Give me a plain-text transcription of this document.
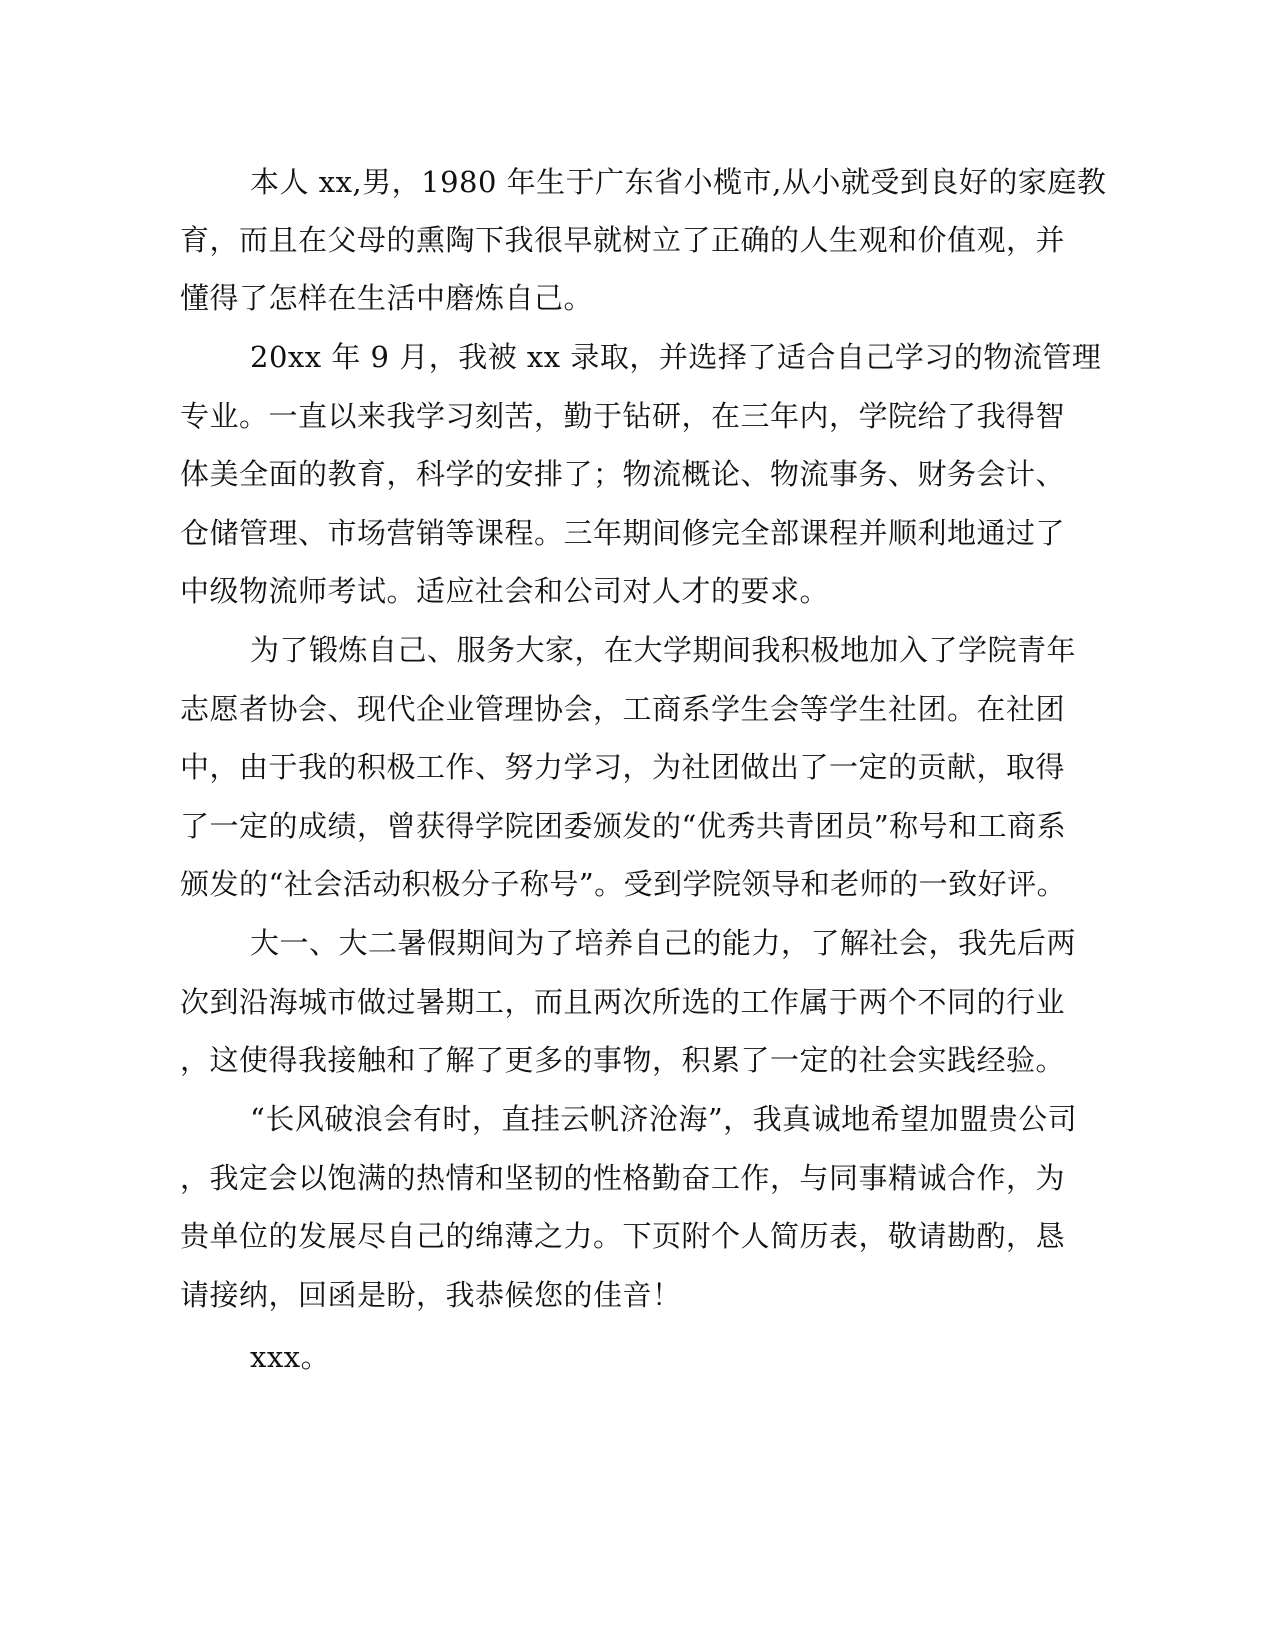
本人 xx,男，1980 年生于广东省小榄市,从小就受到良好的家庭教
育，而且在父母的熏陶下我很早就树立了正确的人生观和价值观，并
懂得了怎样在生活中磨炼自己。
20xx 年 9 月，我被 xx 录取，并选择了适合自己学习的物流管理
专业。一直以来我学习刻苦，勤于钻研，在三年内，学院给了我得智
体美全面的教育，科学的安排了；物流概论、物流事务、财务会计、
仓储管理、市场营销等课程。三年期间修完全部课程并顺利地通过了
中级物流师考试。适应社会和公司对人才的要求。
为了锻炼自己、服务大家，在大学期间我积极地加入了学院青年
志愿者协会、现代企业管理协会，工商系学生会等学生社团。在社团
中，由于我的积极工作、努力学习，为社团做出了一定的贡献，取得
了一定的成绩，曾获得学院团委颁发的“优秀共青团员”称号和工商系
颁发的“社会活动积极分子称号”。受到学院领导和老师的一致好评。
大一、大二暑假期间为了培养自己的能力，了解社会，我先后两
次到沿海城市做过暑期工，而且两次所选的工作属于两个不同的行业
，这使得我接触和了解了更多的事物，积累了一定的社会实践经验。
“长风破浪会有时，直挂云帆济沧海”，我真诚地希望加盟贵公司
，我定会以饱满的热情和坚韧的性格勤奋工作，与同事精诚合作，为
贵单位的发展尽自己的绵薄之力。下页附个人简历表，敬请勘酌，恳
请接纳，回函是盼，我恭候您的佳音！
xxx。
